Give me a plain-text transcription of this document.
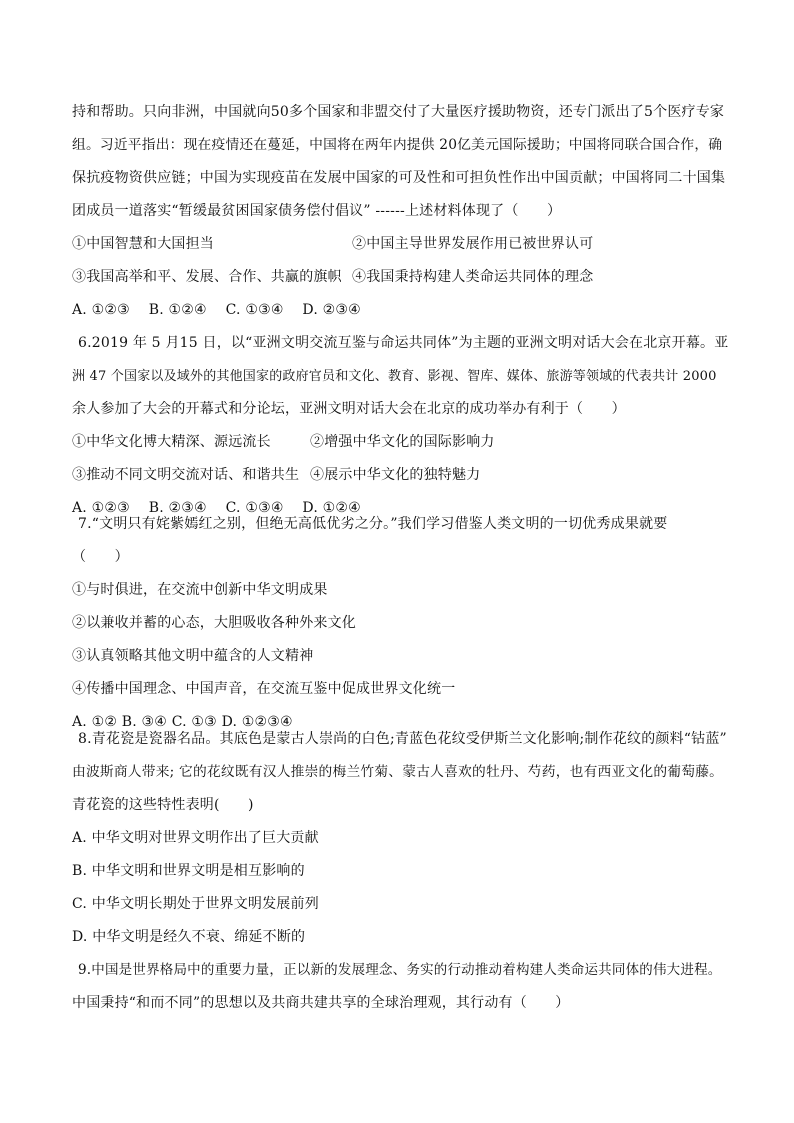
持和帮助。只向非洲，中国就向50多个国家和非盟交付了大量医疗援助物资，还专门派出了5个医疗专家
组。习近平指出：现在疫情还在蔓延，中国将在两年内提供 20亿美元国际援助；中国将同联合国合作，确
保抗疫物资供应链；中国为实现疫苗在发展中国家的可及性和可担负性作出中国贡献；中国将同二十国集
团成员一道落实“暂缓最贫困国家债务偿付倡议” ------上述材料体现了（　　）
①中国智慧和大国担当	②中国主导世界发展作用已被世界认可
③我国高举和平、发展、合作、共赢的旗帜 ④我国秉持构建人类命运共同体的理念
A. ①②③　 B. ①②④　 C. ①③④　 D. ②③④
6.2019 年 5 月15 日，以“亚洲文明交流互鉴与命运共同体”为主题的亚洲文明对话大会在北京开幕。亚
洲 47 个国家以及域外的其他国家的政府官员和文化、教育、影视、智库、媒体、旅游等领域的代表共计 2000
余人参加了大会的开幕式和分论坛，亚洲文明对话大会在北京的成功举办有利于（　　）
①中华文化博大精深、源远流长	②增强中华文化的国际影响力
③推动不同文明交流对话、和谐共生 ④展示中华文化的独特魅力
A. ①②③　 B. ②③④　 C. ①③④　 D. ①②④
7.“文明只有姹紫嫣红之别，但绝无高低优劣之分。”我们学习借鉴人类文明的一切优秀成果就要
（　　）
①与时俱进，在交流中创新中华文明成果
②以兼收并蓄的心态，大胆吸收各种外来文化
③认真领略其他文明中蕴含的人文精神
④传播中国理念、中国声音，在交流互鉴中促成世界文化统一
A. ①② B. ③④ C. ①③ D. ①②③④
8.青花瓷是瓷器名品。其底色是蒙古人崇尚的白色;青蓝色花纹受伊斯兰文化影响;制作花纹的颜料“钴蓝”
由波斯商人带来; 它的花纹既有汉人推崇的梅兰竹菊、蒙古人喜欢的牡丹、芍药，也有西亚文化的葡萄藤。
青花瓷的这些特性表明(　　)
A. 中华文明对世界文明作出了巨大贡献
B. 中华文明和世界文明是相互影响的
C. 中华文明长期处于世界文明发展前列
D. 中华文明是经久不衰、绵延不断的
9.中国是世界格局中的重要力量，正以新的发展理念、务实的行动推动着构建人类命运共同体的伟大进程。
中国秉持“和而不同”的思想以及共商共建共享的全球治理观，其行动有（　　）
